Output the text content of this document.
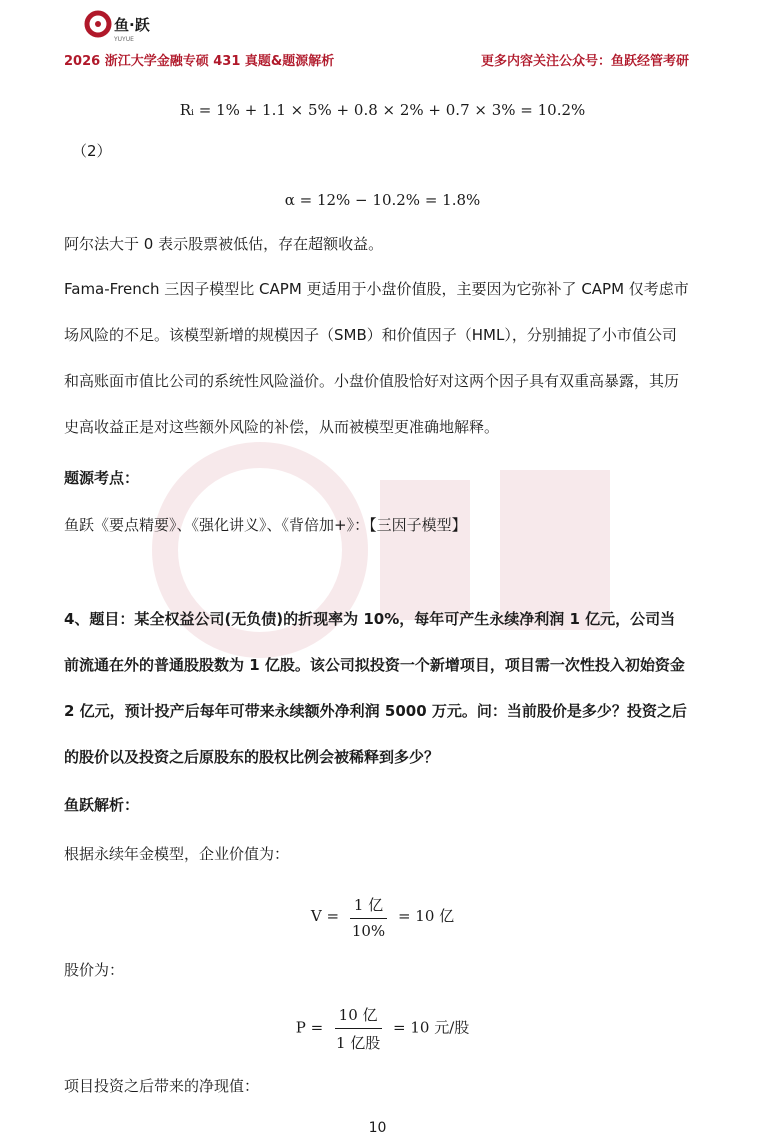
鱼·跃
YUYUE
2026 浙江大学金融专硕 431 真题&题源解析	更多内容关注公众号：鱼跃经管考研
Rᵢ = 1% + 1.1 × 5% + 0.8 × 2% + 0.7 × 3% = 10.2%
（2）
α = 12% − 10.2% = 1.8%
阿尔法大于 0 表示股票被低估，存在超额收益。
Fama-French 三因子模型比 CAPM 更适用于小盘价值股，主要因为它弥补了 CAPM 仅考虑市场风险的不足。该模型新增的规模因子（SMB）和价值因子（HML），分别捕捉了小市值公司和高账面市值比公司的系统性风险溢价。小盘价值股恰好对这两个因子具有双重高暴露，其历史高收益正是对这些额外风险的补偿，从而被模型更准确地解释。
题源考点：
鱼跃《要点精要》、《强化讲义》、《背倍加+》：【三因子模型】
4、题目：某全权益公司(无负债)的折现率为 10%，每年可产生永续净利润 1 亿元，公司当前流通在外的普通股股数为 1 亿股。该公司拟投资一个新增项目，项目需一次性投入初始资金 2 亿元，预计投产后每年可带来永续额外净利润 5000 万元。问：当前股价是多少？投资之后的股价以及投资之后原股东的股权比例会被稀释到多少？
鱼跃解析：
根据永续年金模型，企业价值为：
$V = \frac{\text{1 亿}}{10\%} = 10$ 亿
股价为：
$P = \frac{\text{10 亿}}{\text{1 亿股}} = 10$ 元/股
项目投资之后带来的净现值：
10
